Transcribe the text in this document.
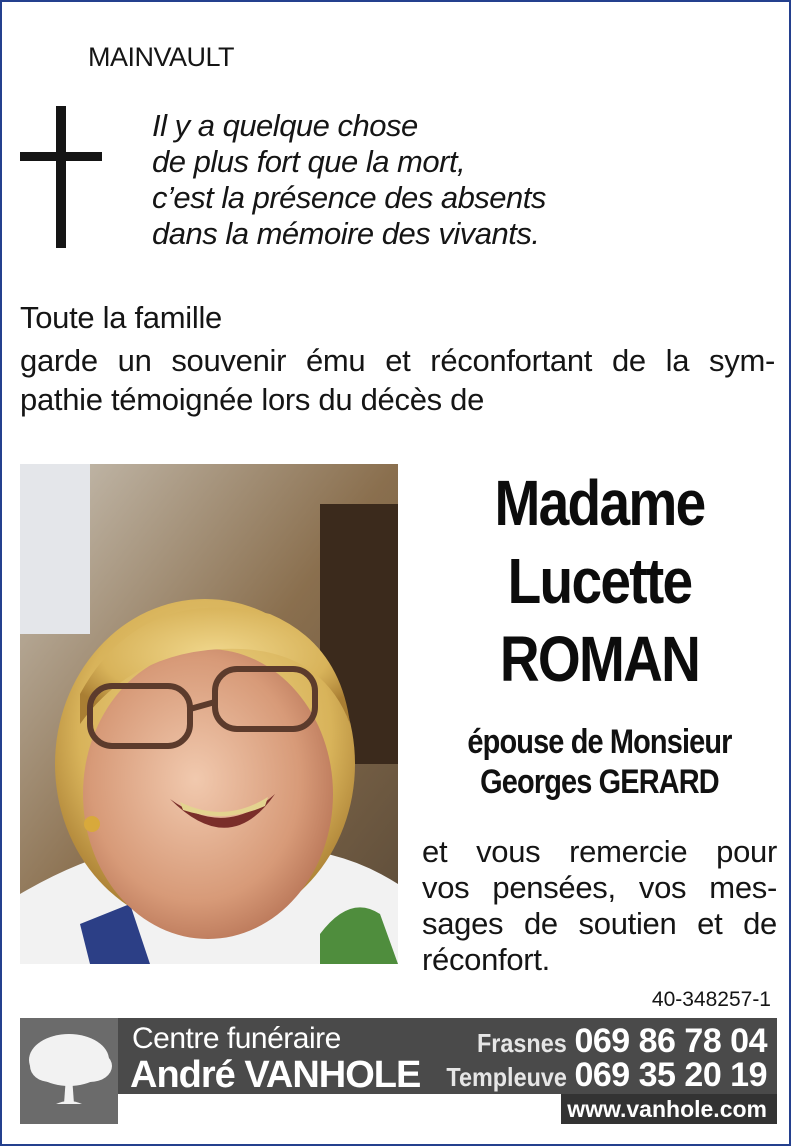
MAINVAULT
Il y a quelque chose
de plus fort que la mort,
c’est la présence des absents
dans la mémoire des vivants.
Toute la famille
garde un souvenir ému et réconfortant de la sym-
pathie témoignée lors du décès de
Madame
Lucette
ROMAN
épouse de Monsieur
Georges GERARD
et vous remercie pour
vos pensées, vos mes-
sages de soutien et de
réconfort.
40-348257-1
Centre funéraire
André VANHOLE
Frasnes 069 86 78 04
Templeuve 069 35 20 19
www.vanhole.com
